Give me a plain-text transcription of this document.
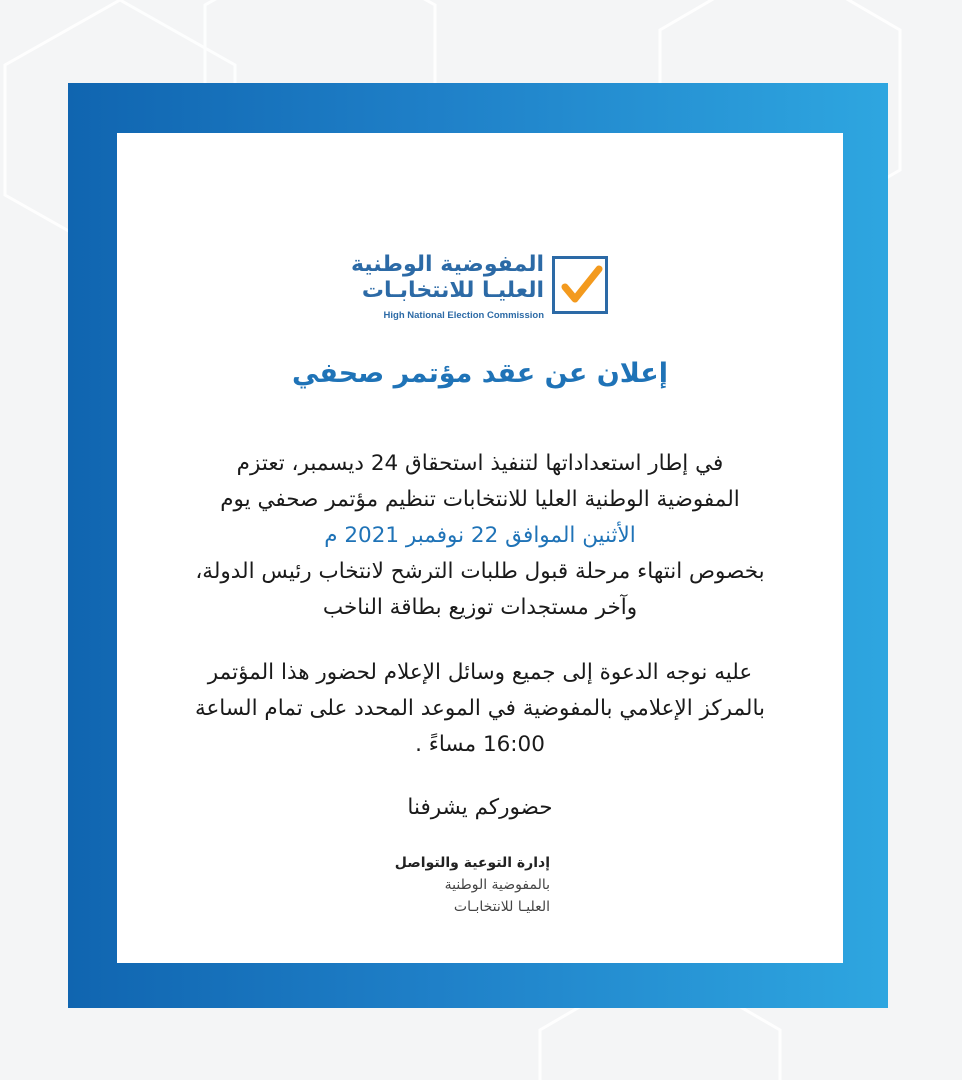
المفوضية الوطنية
العليـا للانتخابـات
High National Election Commission
إعلان عن عقد مؤتمر صحفي
في إطار استعداداتها لتنفيذ استحقاق 24 ديسمبر، تعتزم
المفوضية الوطنية العليا للانتخابات تنظيم مؤتمر صحفي يوم
الأثنين الموافق 22 نوفمبر 2021 م
بخصوص انتهاء مرحلة قبول طلبات الترشح لانتخاب رئيس الدولة،
وآخر مستجدات توزيع بطاقة الناخب
عليه نوجه الدعوة إلى جميع وسائل الإعلام لحضور هذا المؤتمر
بالمركز الإعلامي بالمفوضية في الموعد المحدد على تمام الساعة
16:00 مساءً .
حضوركم يشرفنا
إدارة التوعية والتواصل
بالمفوضية الوطنية
العليـا للانتخابـات
